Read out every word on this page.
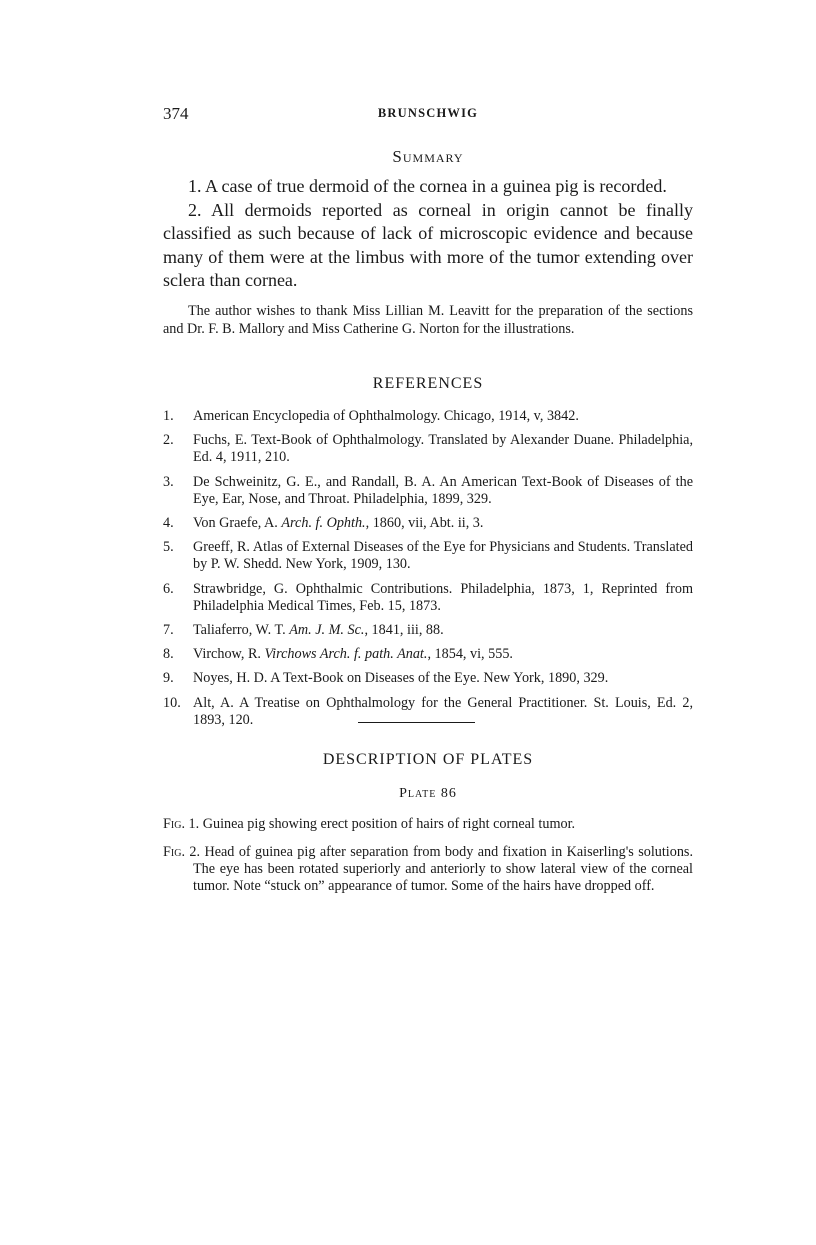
374	BRUNSCHWIG
Summary

1. A case of true dermoid of the cornea in a guinea pig is recorded.

2. All dermoids reported as corneal in origin cannot be finally classified as such because of lack of microscopic evidence and because many of them were at the limbus with more of the tumor extending over sclera than cornea.

The author wishes to thank Miss Lillian M. Leavitt for the preparation of the sections and Dr. F. B. Mallory and Miss Catherine G. Norton for the illustrations.

REFERENCES
1. American Encyclopedia of Ophthalmology. Chicago, 1914, v, 3842.
2. Fuchs, E. Text-Book of Ophthalmology. Translated by Alexander Duane. Philadelphia, Ed. 4, 1911, 210.
3. De Schweinitz, G. E., and Randall, B. A. An American Text-Book of Diseases of the Eye, Ear, Nose, and Throat. Philadelphia, 1899, 329.
4. Von Graefe, A. Arch. f. Ophth., 1860, vii, Abt. ii, 3.
5. Greeff, R. Atlas of External Diseases of the Eye for Physicians and Students. Translated by P. W. Shedd. New York, 1909, 130.
6. Strawbridge, G. Ophthalmic Contributions. Philadelphia, 1873, 1, Reprinted from Philadelphia Medical Times, Feb. 15, 1873.
7. Taliaferro, W. T. Am. J. M. Sc., 1841, iii, 88.
8. Virchow, R. Virchows Arch. f. path. Anat., 1854, vi, 555.
9. Noyes, H. D. A Text-Book on Diseases of the Eye. New York, 1890, 329.
10. Alt, A. A Treatise on Ophthalmology for the General Practitioner. St. Louis, Ed. 2, 1893, 120.
DESCRIPTION OF PLATES
Plate 86
Fig. 1. Guinea pig showing erect position of hairs of right corneal tumor.
Fig. 2. Head of guinea pig after separation from body and fixation in Kaiserling's solutions. The eye has been rotated superiorly and anteriorly to show lateral view of the corneal tumor. Note “stuck on” appearance of tumor. Some of the hairs have dropped off.
